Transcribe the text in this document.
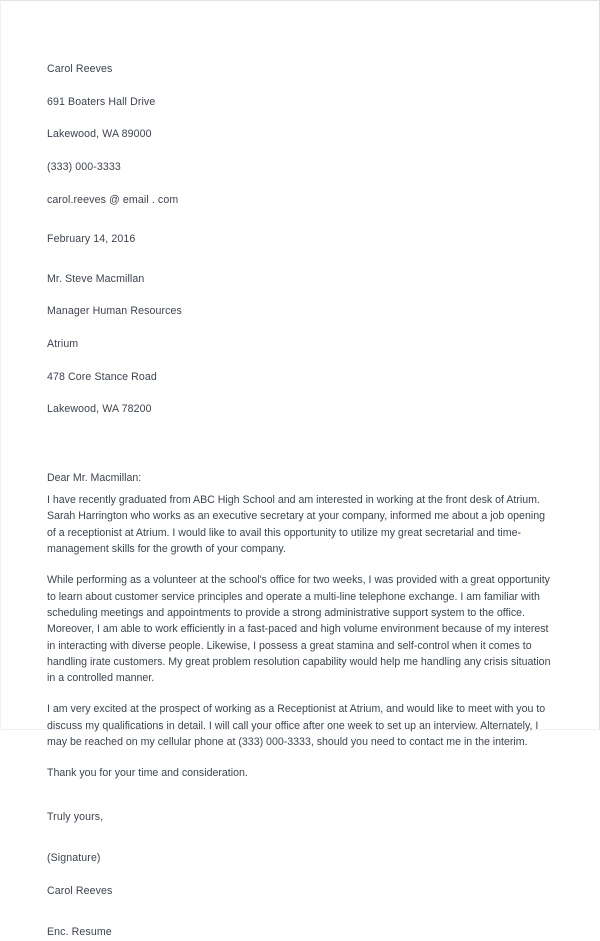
Carol Reeves

691 Boaters Hall Drive

Lakewood, WA 89000

(333) 000-3333

carol.reeves @ email . com

February 14, 2016

Mr. Steve Macmillan

Manager Human Resources

Atrium

478 Core Stance Road

Lakewood, WA 78200

Dear Mr. Macmillan:

I have recently graduated from ABC High School and am interested in working at the front desk of Atrium. Sarah Harrington who works as an executive secretary at your company, informed me about a job opening of a receptionist at Atrium. I would like to avail this opportunity to utilize my great secretarial and time-management skills for the growth of your company.

While performing as a volunteer at the school's office for two weeks, I was provided with a great opportunity to learn about customer service principles and operate a multi-line telephone exchange. I am familiar with scheduling meetings and appointments to provide a strong administrative support system to the office. Moreover, I am able to work efficiently in a fast-paced and high volume environment because of my interest in interacting with diverse people. Likewise, I possess a great stamina and self-control when it comes to handling irate customers. My great problem resolution capability would help me handling any crisis situation in a controlled manner.

I am very excited at the prospect of working as a Receptionist at Atrium, and would like to meet with you to discuss my qualifications in detail. I will call your office after one week to set up an interview. Alternately, I may be reached on my cellular phone at (333) 000-3333, should you need to contact me in the interim.

Thank you for your time and consideration.

Truly yours,

(Signature)

Carol Reeves

Enc. Resume
